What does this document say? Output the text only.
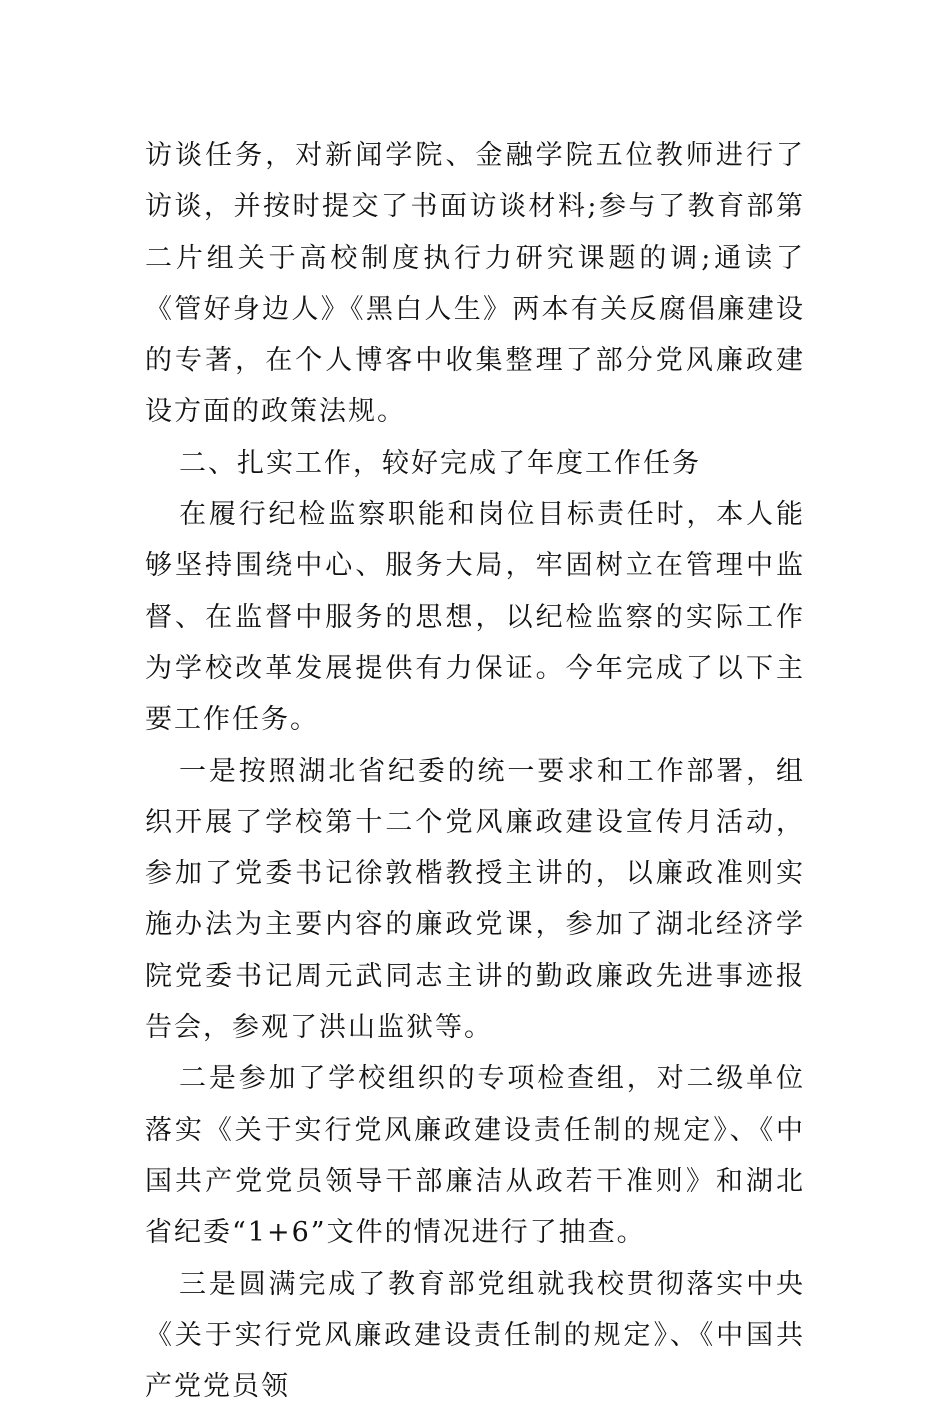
访谈任务，对新闻学院、金融学院五位教师进行了访谈，并按时提交了书面访谈材料;参与了教育部第二片组关于高校制度执行力研究课题的调;通读了《管好身边人》《黑白人生》两本有关反腐倡廉建设的专著，在个人博客中收集整理了部分党风廉政建设方面的政策法规。

二、扎实工作，较好完成了年度工作任务

在履行纪检监察职能和岗位目标责任时，本人能够坚持围绕中心、服务大局，牢固树立在管理中监督、在监督中服务的思想，以纪检监察的实际工作为学校改革发展提供有力保证。今年完成了以下主要工作任务。

一是按照湖北省纪委的统一要求和工作部署，组织开展了学校第十二个党风廉政建设宣传月活动，参加了党委书记徐敦楷教授主讲的，以廉政准则实施办法为主要内容的廉政党课，参加了湖北经济学院党委书记周元武同志主讲的勤政廉政先进事迹报告会，参观了洪山监狱等。

二是参加了学校组织的专项检查组，对二级单位落实《关于实行党风廉政建设责任制的规定》、《中国共产党党员领导干部廉洁从政若干准则》和湖北省纪委“1+6”文件的情况进行了抽查。

三是圆满完成了教育部党组就我校贯彻落实中央《关于实行党风廉政建设责任制的规定》、《中国共产党党员领
